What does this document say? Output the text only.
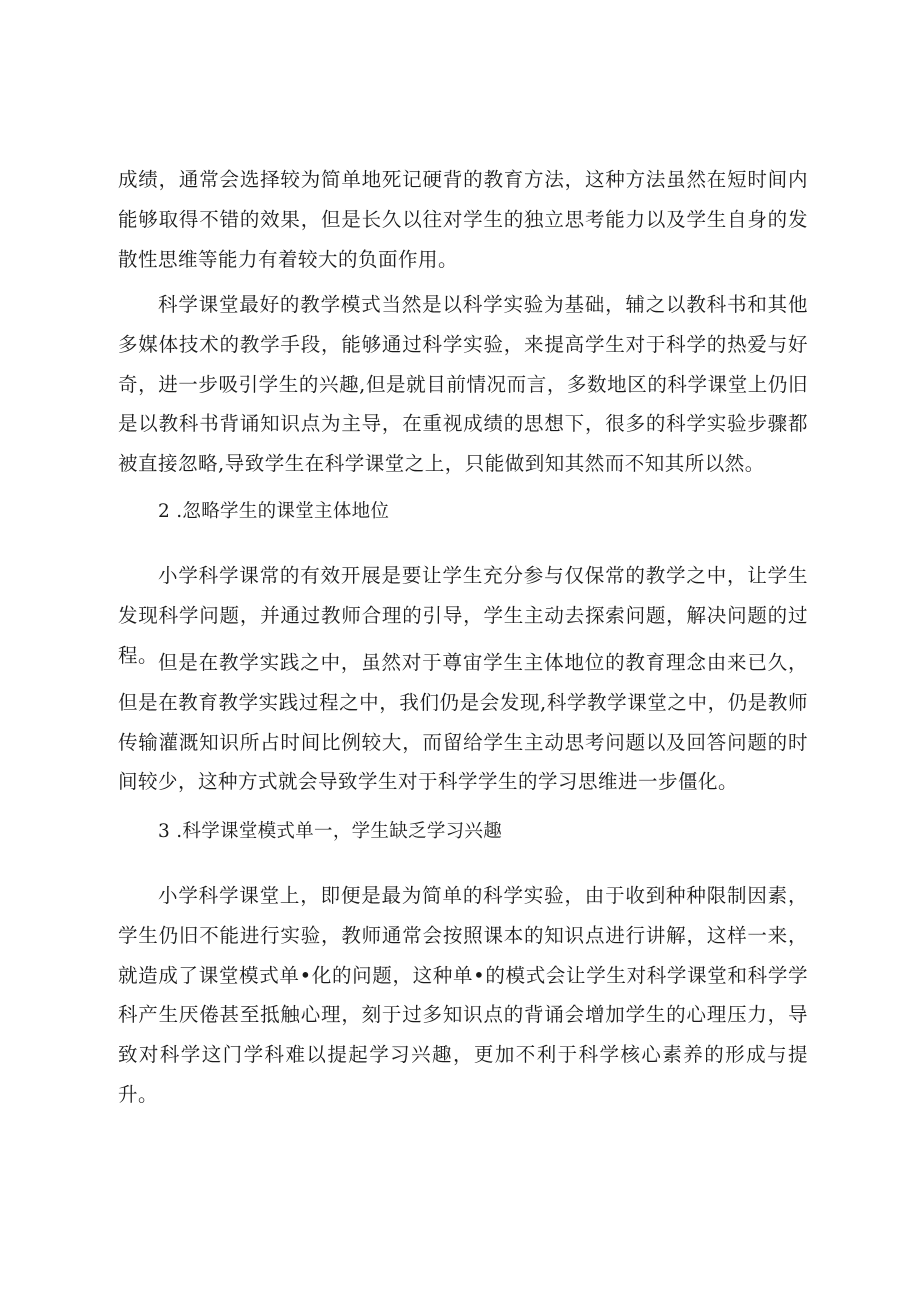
成绩，通常会选择较为简单地死记硬背的教育方法，这种方法虽然在短时间内能够取得不错的效果，但是长久以往对学生的独立思考能力以及学生自身的发散性思维等能力有着较大的负面作用。

科学课堂最好的教学模式当然是以科学实验为基础，辅之以教科书和其他多媒体技术的教学手段，能够通过科学实验，来提高学生对于科学的热爱与好奇，进一步吸引学生的兴趣,但是就目前情况而言，多数地区的科学课堂上仍旧是以教科书背诵知识点为主导，在重视成绩的思想下，很多的科学实验步骤都被直接忽略,导致学生在科学课堂之上，只能做到知其然而不知其所以然。

2 .忽略学生的课堂主体地位

小学科学课常的有效开展是要让学生充分参与仅保常的教学之中，让学生发现科学问题，并通过教师合理的引导，学生主动去探索问题，解决问题的过程。 但是在教学实践之中，虽然对于尊宙学生主体地位的教育理念由来已久，但是在教育教学实践过程之中，我们仍是会发现,科学教学课堂之中，仍是教师传输灌溉知识所占时间比例较大，而留给学生主动思考问题以及回答问题的时间较少，这种方式就会导致学生对于科学学生的学习思维进一步僵化。

3 .科学课堂模式单一，学生缺乏学习兴趣

小学科学课堂上，即便是最为简单的科学实验，由于收到种种限制因素，学生仍旧不能进行实验，教师通常会按照课本的知识点进行讲解，这样一来，就造成了课堂模式单•化的问题，这种单•的模式会让学生对科学课堂和科学学科产生厌倦甚至抵触心理，刻于过多知识点的背诵会增加学生的心理压力，导致对科学这门学科难以提起学习兴趣，更加不利于科学核心素养的形成与提升。
